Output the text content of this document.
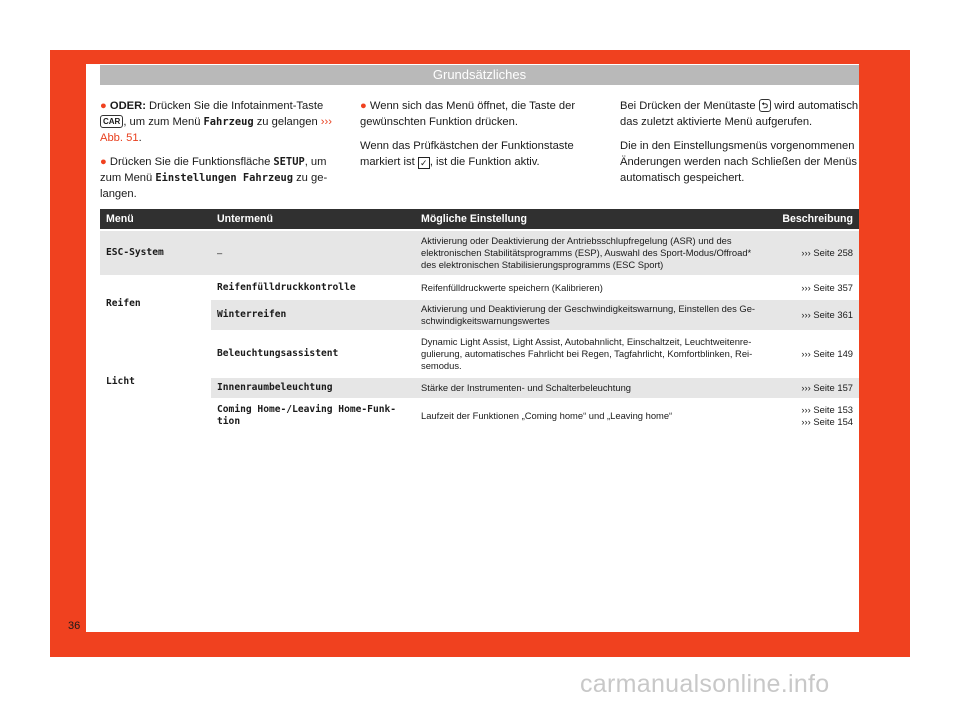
Grundsätzliches

● ODER: Drücken Sie die Infotainment-Taste CAR , um zum Menü Fahrzeug zu gelangen ››› Abb. 51.

● Drücken Sie die Funktionsfläche SETUP, um zum Menü Einstellungen Fahrzeug zu gelangen.

● Wenn sich das Menü öffnet, die Taste der gewünschten Funktion drücken.

Wenn das Prüfkästchen der Funktionstaste markiert ist ✓ , ist die Funktion aktiv.

Bei Drücken der Menütaste ⮌ wird automatisch das zuletzt aktivierte Menü aufgerufen.

Die in den Einstellungsmenüs vorgenommenen Änderungen werden nach Schließen der Menüs automatisch gespeichert.

Menü	Untermenü	Mögliche Einstellung	Beschreibung
ESC-System	–	Aktivierung oder Deaktivierung der Antriebsschlupfregelung (ASR) und des elektronischen Stabilitätsprogramms (ESP), Auswahl des Sport-Modus/Offroad* des elektronischen Stabilisierungsprogramms (ESC Sport)	››› Seite 258
Reifen	Reifenfülldruckkontrolle	Reifenfülldruckwerte speichern (Kalibrieren)	››› Seite 357
	Winterreifen	Aktivierung und Deaktivierung der Geschwindigkeitswarnung, Einstellen des Geschwindigkeitswarnungswertes	››› Seite 361
Licht	Beleuchtungsassistent	Dynamic Light Assist, Light Assist, Autobahnlicht, Einschaltzeit, Leuchtweitenregulierung, automatisches Fahrlicht bei Regen, Tagfahrlicht, Komfortblinken, Reisemodus.	››› Seite 149
	Innenraumbeleuchtung	Stärke der Instrumenten- und Schalterbeleuchtung	››› Seite 157
	Coming Home-/Leaving Home-Funktion	Laufzeit der Funktionen „Coming home“ und „Leaving home“	››› Seite 153
››› Seite 154
36
carmanualsonline.info
